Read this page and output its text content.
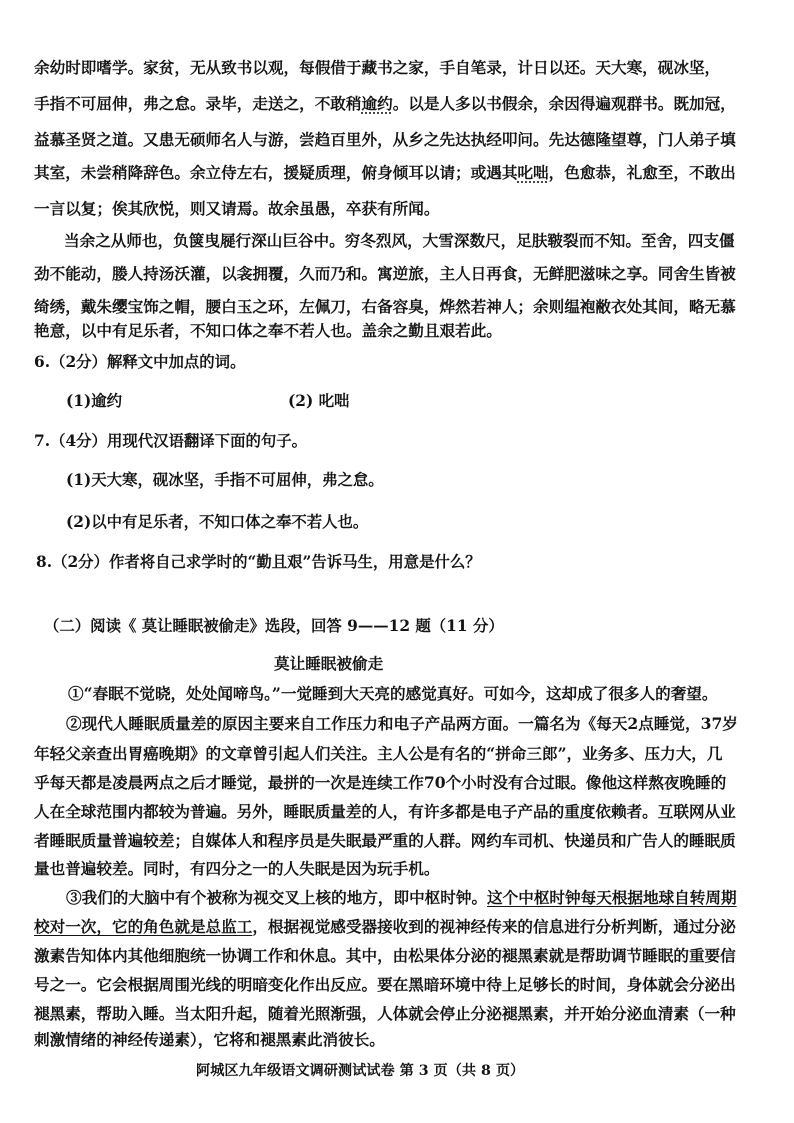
余幼时即嗜学。家贫，无从致书以观，每假借于藏书之家，手自笔录，计日以还。天大寒，砚冰坚，
手指不可屈伸，弗之怠。录毕，走送之，不敢稍逾约。以是人多以书假余，余因得遍观群书。既加冠，
益慕圣贤之道。又患无硕师名人与游，尝趋百里外，从乡之先达执经叩问。先达德隆望尊，门人弟子填
其室，未尝稍降辞色。余立侍左右，援疑质理，俯身倾耳以请；或遇其叱咄，色愈恭，礼愈至，不敢出
一言以复；俟其欣悦，则又请焉。故余虽愚，卒获有所闻。
当余之从师也，负箧曳屣行深山巨谷中。穷冬烈风，大雪深数尺，足肤皲裂而不知。至舍，四支僵
劲不能动，媵人持汤沃灌，以衾拥覆，久而乃和。寓逆旅，主人日再食，无鲜肥滋味之享。同舍生皆被
绮绣，戴朱缨宝饰之帽，腰白玉之环，左佩刀，右备容臭，烨然若神人；余则缊袍敝衣处其间，略无慕
艳意，以中有足乐者，不知口体之奉不若人也。盖余之勤且艰若此。
6.（2分）解释文中加点的词。
(1)逾约	(2) 叱咄
7.（4分）用现代汉语翻译下面的句子。
(1)天大寒，砚冰坚，手指不可屈伸，弗之怠。
(2)以中有足乐者，不知口体之奉不若人也。
8.（2分）作者将自己求学时的“勤且艰”告诉马生，用意是什么？
（二）阅读《 莫让睡眠被偷走》选段，回答 9——12 题（11 分）
莫让睡眠被偷走
①“春眠不觉晓，处处闻啼鸟。”一觉睡到大天亮的感觉真好。可如今，这却成了很多人的奢望。
②现代人睡眠质量差的原因主要来自工作压力和电子产品两方面。一篇名为《每天2点睡觉，37岁
年轻父亲查出胃癌晚期》的文章曾引起人们关注。主人公是有名的“拼命三郎”，业务多、压力大，几
乎每天都是凌晨两点之后才睡觉，最拼的一次是连续工作70个小时没有合过眼。像他这样熬夜晚睡的
人在全球范围内都较为普遍。另外，睡眠质量差的人，有许多都是电子产品的重度依赖者。互联网从业
者睡眠质量普遍较差；自媒体人和程序员是失眠最严重的人群。网约车司机、快递员和广告人的睡眠质
量也普遍较差。同时，有四分之一的人失眠是因为玩手机。
③我们的大脑中有个被称为视交叉上核的地方，即中枢时钟。这个中枢时钟每天根据地球自转周期
校对一次，它的角色就是总监工，根据视觉感受器接收到的视神经传来的信息进行分析判断，通过分泌
激素告知体内其他细胞统一协调工作和休息。其中，由松果体分泌的褪黑素就是帮助调节睡眠的重要信
号之一。它会根据周围光线的明暗变化作出反应。要在黑暗环境中待上足够长的时间，身体就会分泌出
褪黑素，帮助入睡。当太阳升起，随着光照渐强，人体就会停止分泌褪黑素，并开始分泌血清素（一种
刺激情绪的神经传递素），它将和褪黑素此消彼长。
阿城区九年级语文调研测试试卷 第 3 页（共 8 页）
